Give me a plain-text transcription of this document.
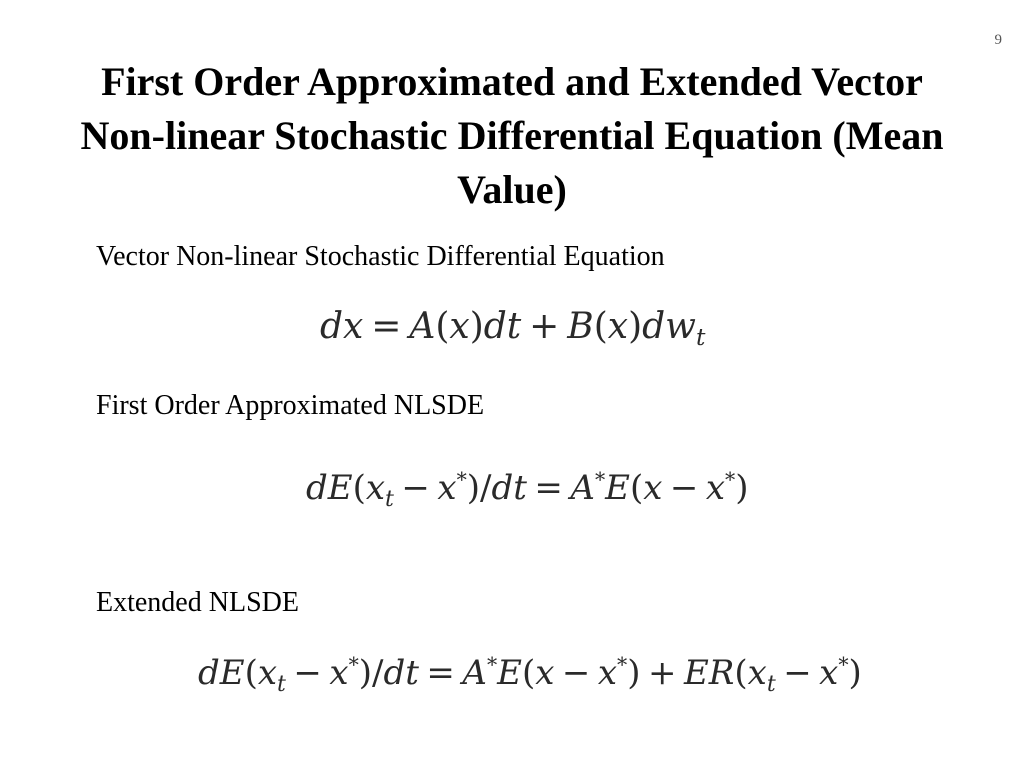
9
First Order Approximated and Extended Vector Non-linear Stochastic Differential Equation (Mean Value)

Vector Non-linear Stochastic Differential Equation

dx = $A(x)dt + B(x)dw_t$

First Order Approximated NLSDE

$dE(x_t - x^*)/dt = A^*E(x - x^*)$

Extended NLSDE

$dE(x_t - x^*)/dt = A^*E(x - x^*) + ER(x_t - x^*)$
